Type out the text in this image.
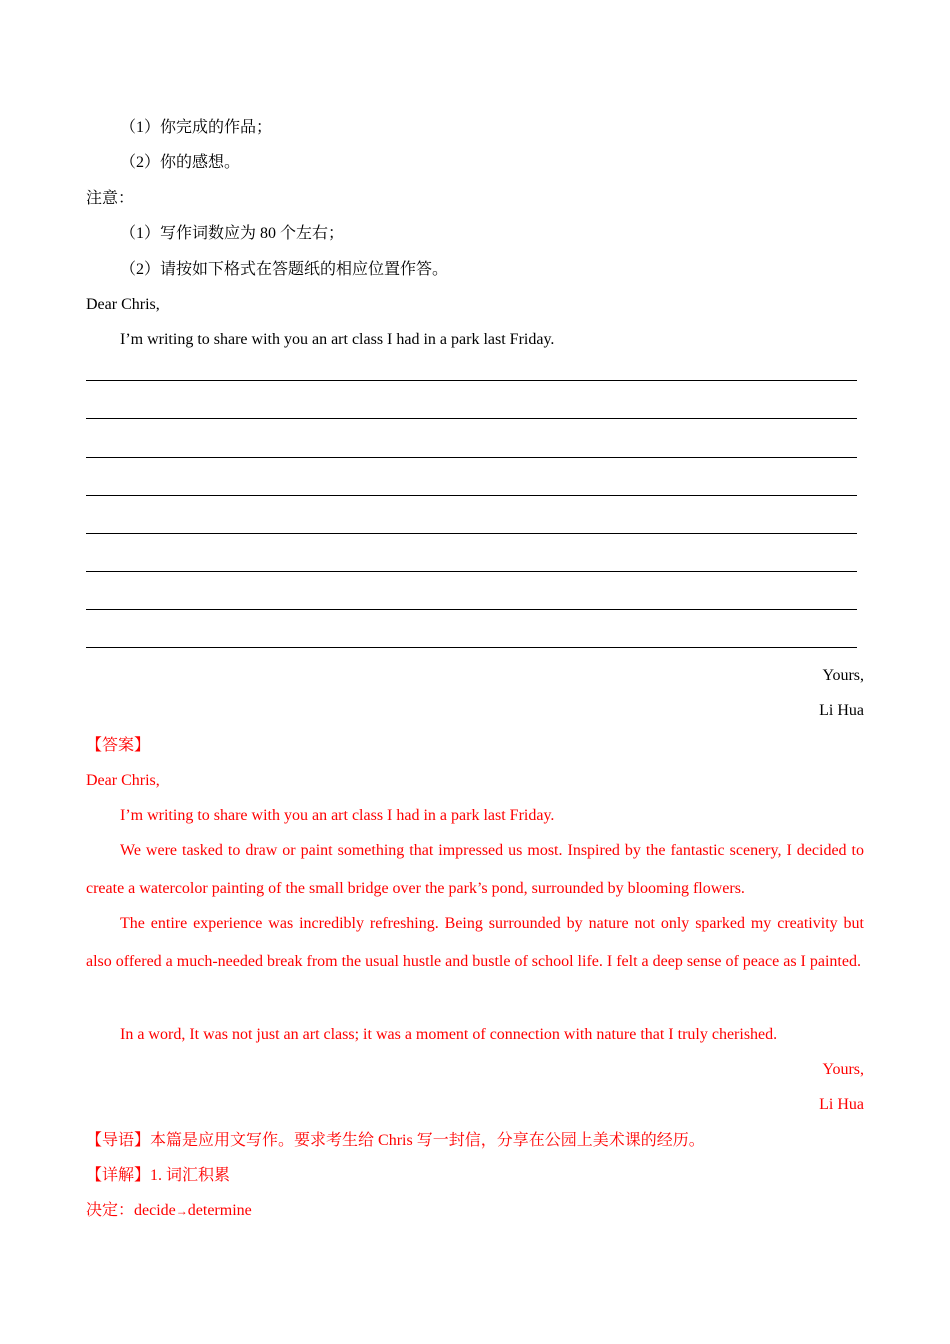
（1）你完成的作品；
（2）你的感想。
注意：
（1）写作词数应为 80 个左右；
（2）请按如下格式在答题纸的相应位置作答。
Dear Chris,
I’m writing to share with you an art class I had in a park last Friday.
Yours,
Li Hua
【答案】
Dear Chris,
I’m writing to share with you an art class I had in a park last Friday.
We were tasked to draw or paint something that impressed us most. Inspired by the fantastic scenery, I decided to create a watercolor painting of the small bridge over the park’s pond, surrounded by blooming flowers.
The entire experience was incredibly refreshing. Being surrounded by nature not only sparked my creativity but also offered a much-needed break from the usual hustle and bustle of school life. I felt a deep sense of peace as I painted.
In a word, It was not just an art class; it was a moment of connection with nature that I truly cherished.
Yours,
Li Hua
【导语】本篇是应用文写作。要求考生给 Chris 写一封信，分享在公园上美术课的经历。
【详解】1. 词汇积累
决定：decide→determine
